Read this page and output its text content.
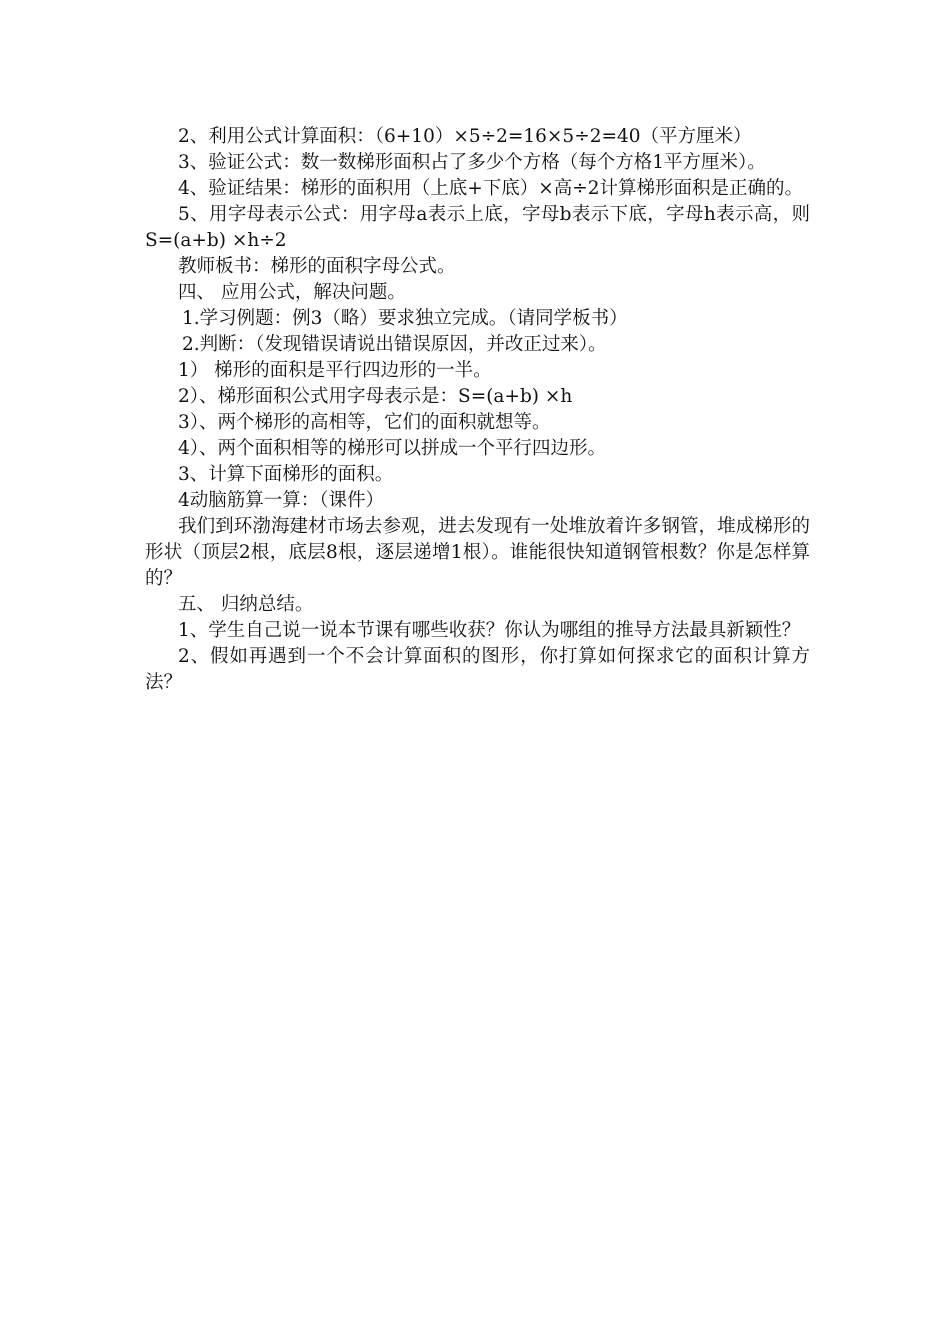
2、利用公式计算面积：（6+10）×5÷2=16×5÷2=40（平方厘米）

3、验证公式：数一数梯形面积占了多少个方格（每个方格1平方厘米）。

4、验证结果：梯形的面积用（上底+下底）×高÷2计算梯形面积是正确的。

5、用字母表示公式：用字母a表示上底，字母b表示下底，字母h表示高，则S=(a+b) ×h÷2

教师板书：梯形的面积字母公式。

四、 应用公式，解决问题。

1.学习例题：例3（略）要求独立完成。（请同学板书）

2.判断：（发现错误请说出错误原因，并改正过来）。

1） 梯形的面积是平行四边形的一半。

2）、梯形面积公式用字母表示是：S=(a+b) ×h

3）、两个梯形的高相等，它们的面积就想等。

4）、两个面积相等的梯形可以拼成一个平行四边形。

3、计算下面梯形的面积。

4动脑筋算一算：（课件）

我们到环渤海建材市场去参观，进去发现有一处堆放着许多钢管，堆成梯形的形状（顶层2根，底层8根，逐层递增1根）。谁能很快知道钢管根数？你是怎样算的？

五、 归纳总结。

1、学生自己说一说本节课有哪些收获？你认为哪组的推导方法最具新颖性？

2、假如再遇到一个不会计算面积的图形，你打算如何探求它的面积计算方法？
